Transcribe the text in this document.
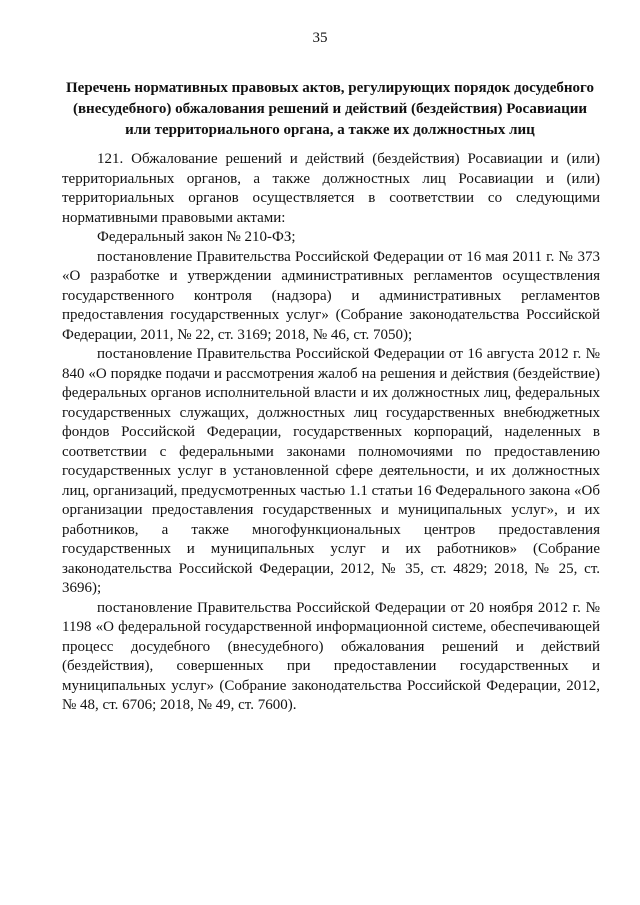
35
Перечень нормативных правовых актов, регулирующих порядок досудебного
(внесудебного) обжалования решений и действий (бездействия) Росавиации
или территориального органа, а также их должностных лиц

121. Обжалование решений и действий (бездействия) Росавиации и (или) территориальных органов, а также должностных лиц Росавиации и (или) территориальных органов осуществляется в соответствии со следующими нормативными правовыми актами:

Федеральный закон № 210-ФЗ;

постановление Правительства Российской Федерации от 16 мая 2011 г. № 373 «О разработке и утверждении административных регламентов осуществления государственного контроля (надзора) и административных регламентов предоставления государственных услуг» (Собрание законодательства Российской Федерации, 2011, № 22, ст. 3169; 2018, № 46, ст. 7050);

постановление Правительства Российской Федерации от 16 августа 2012 г. № 840 «О порядке подачи и рассмотрения жалоб на решения и действия (бездействие) федеральных органов исполнительной власти и их должностных лиц, федеральных государственных служащих, должностных лиц государственных внебюджетных фондов Российской Федерации, государственных корпораций, наделенных в соответствии с федеральными законами полномочиями по предоставлению государственных услуг в установленной сфере деятельности, и их должностных лиц, организаций, предусмотренных частью 1.1 статьи 16 Федерального закона «Об организации предоставления государственных и муниципальных услуг», и их работников, а также многофункциональных центров предоставления государственных и муниципальных услуг и их работников» (Собрание законодательства Российской Федерации, 2012, № 35, ст. 4829; 2018, № 25, ст. 3696);

постановление Правительства Российской Федерации от 20 ноября 2012 г. № 1198 «О федеральной государственной информационной системе, обеспечивающей процесс досудебного (внесудебного) обжалования решений и действий (бездействия), совершенных при предоставлении государственных и муниципальных услуг» (Собрание законодательства Российской Федерации, 2012, № 48, ст. 6706; 2018, № 49, ст. 7600).
